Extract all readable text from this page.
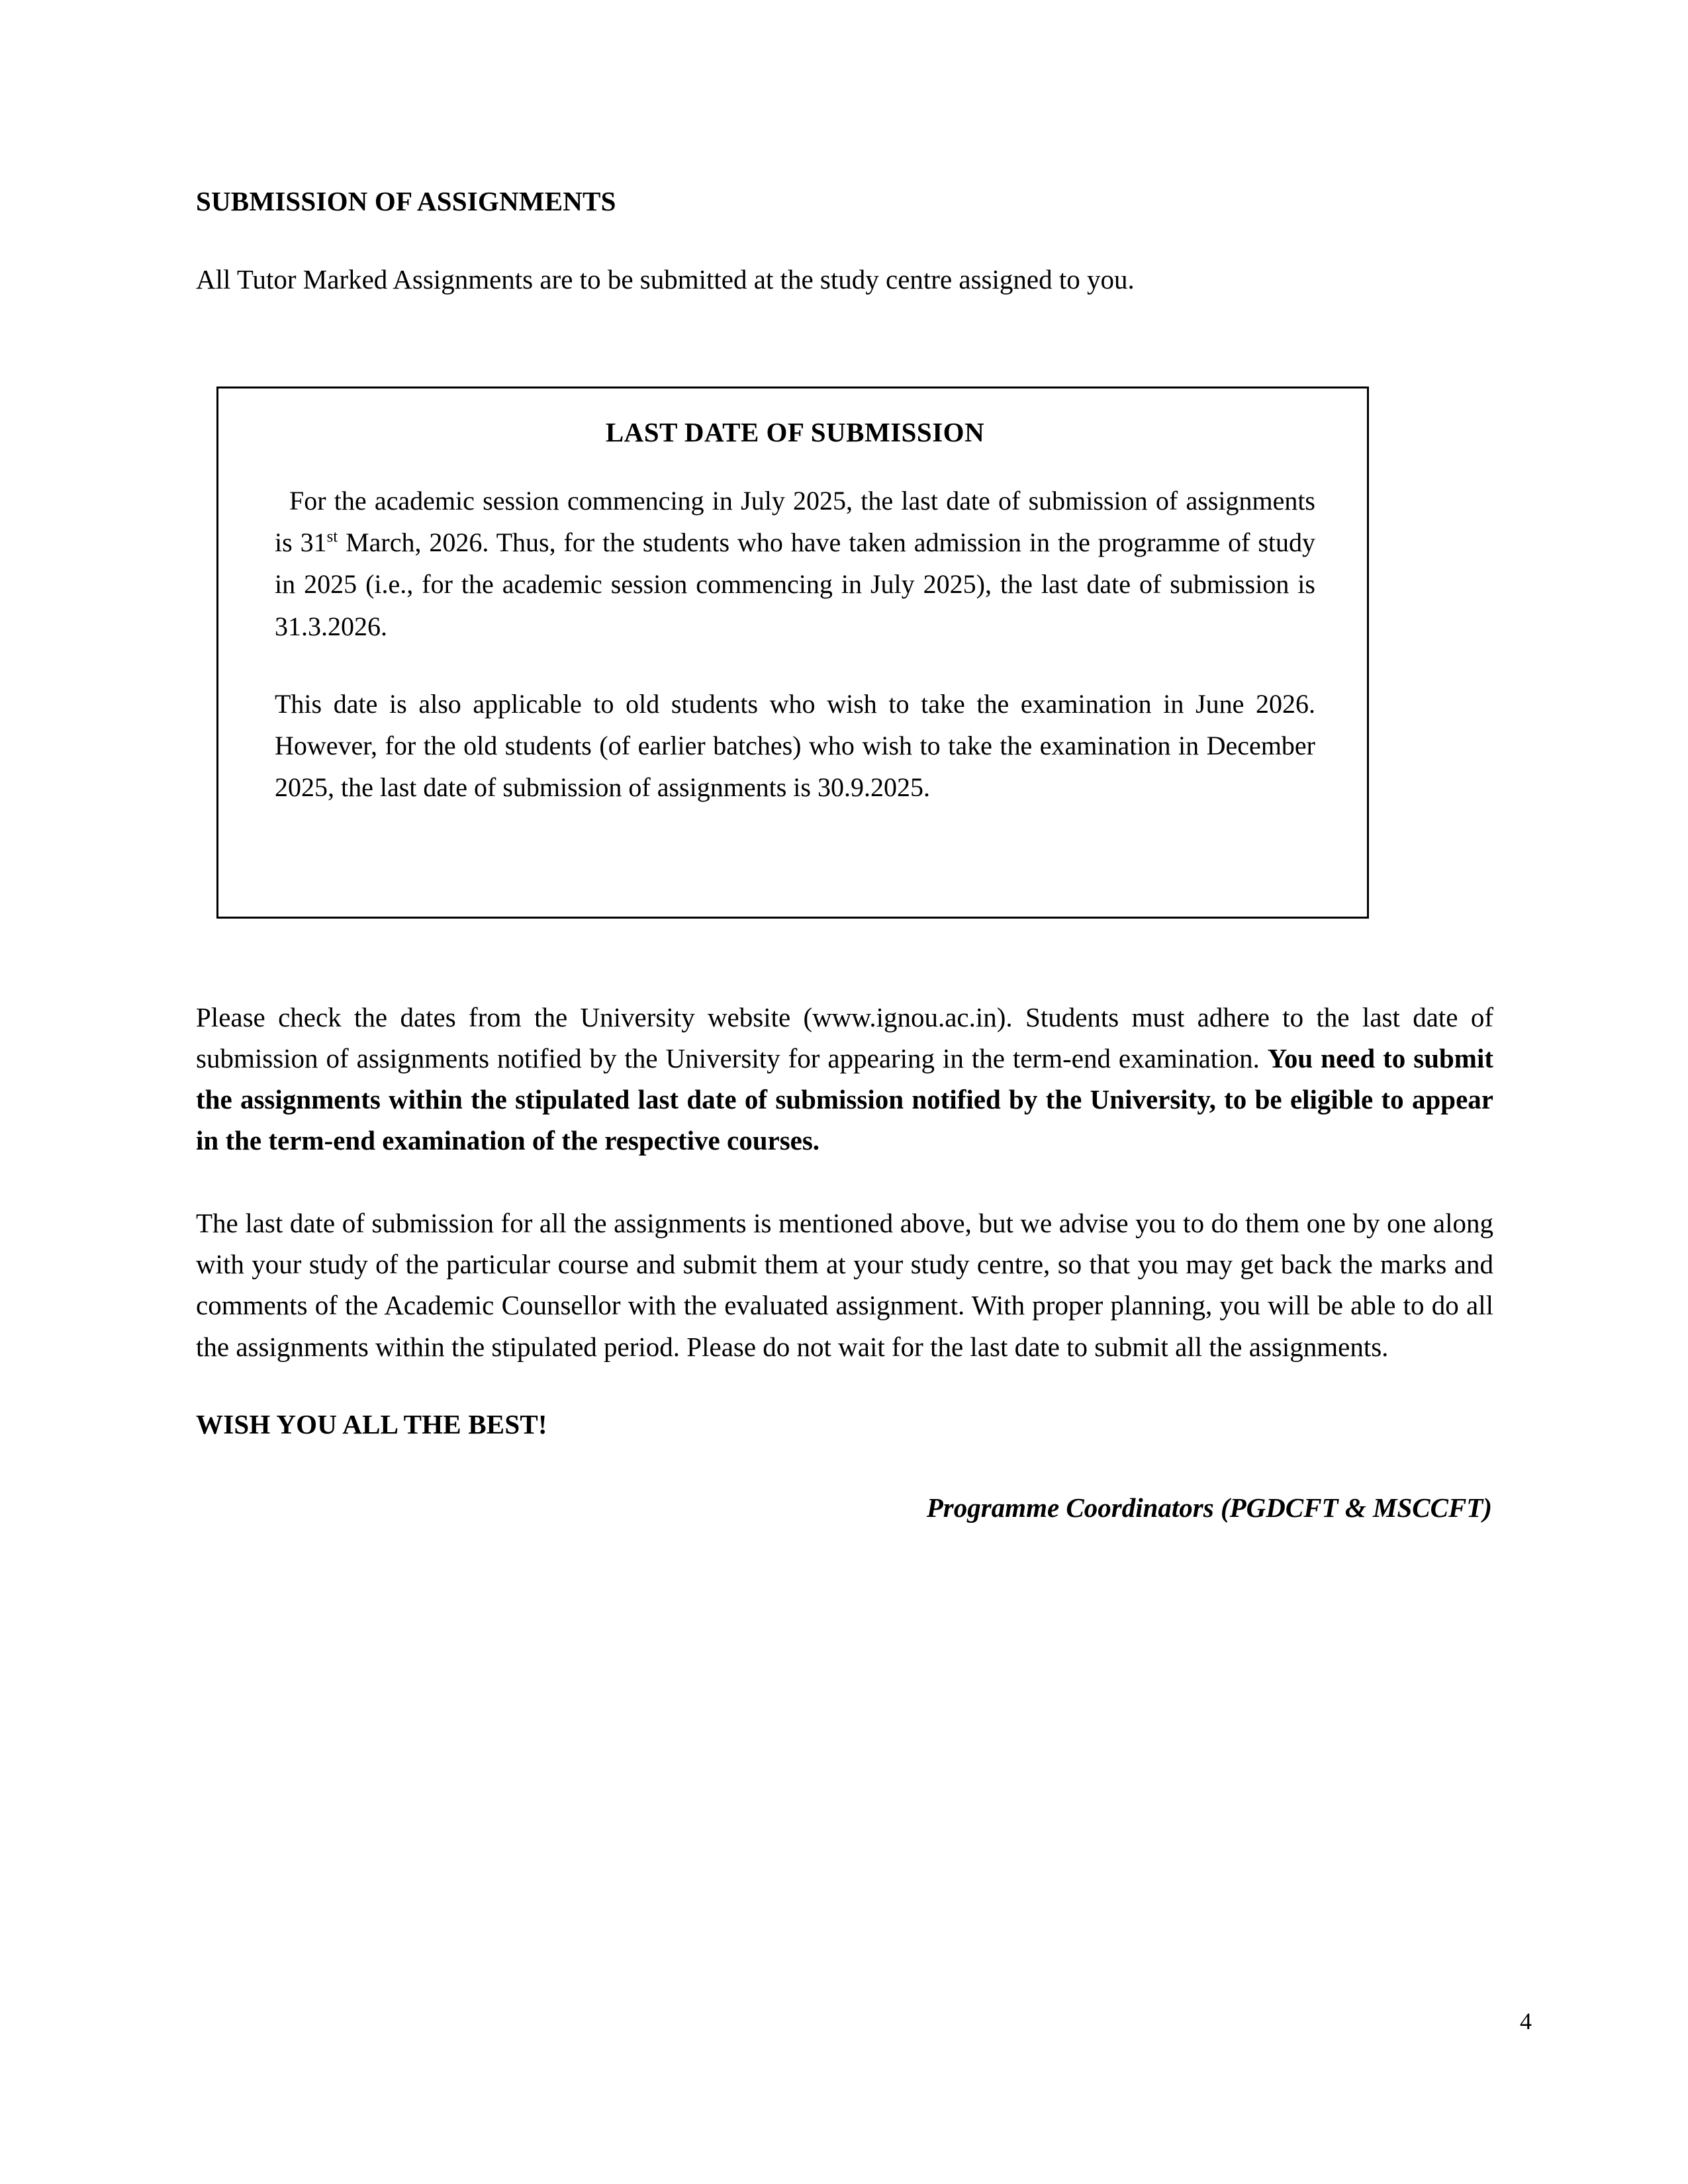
SUBMISSION OF ASSIGNMENTS

All Tutor Marked Assignments are to be submitted at the study centre assigned to you.

Please check the dates from the University website (www.ignou.ac.in). Students must adhere to the last date of submission of assignments notified by the University for appearing in the term-end examination. You need to submit the assignments within the stipulated last date of submission notified by the University, to be eligible to appear in the term-end examination of the respective courses.

The last date of submission for all the assignments is mentioned above, but we advise you to do them one by one along with your study of the particular course and submit them at your study centre, so that you may get back the marks and comments of the Academic Counsellor with the evaluated assignment. With proper planning, you will be able to do all the assignments within the stipulated period. Please do not wait for the last date to submit all the assignments.

WISH YOU ALL THE BEST!

Programme Coordinators (PGDCFT & MSCCFT)

LAST DATE OF SUBMISSION

For the academic session commencing in July 2025, the last date of submission of assignments is 31st March, 2026. Thus, for the students who have taken admission in the programme of study in 2025 (i.e., for the academic session commencing in July 2025), the last date of submission is 31.3.2026.

This date is also applicable to old students who wish to take the examination in June 2026. However, for the old students (of earlier batches) who wish to take the examination in December 2025, the last date of submission of assignments is 30.9.2025.

4
